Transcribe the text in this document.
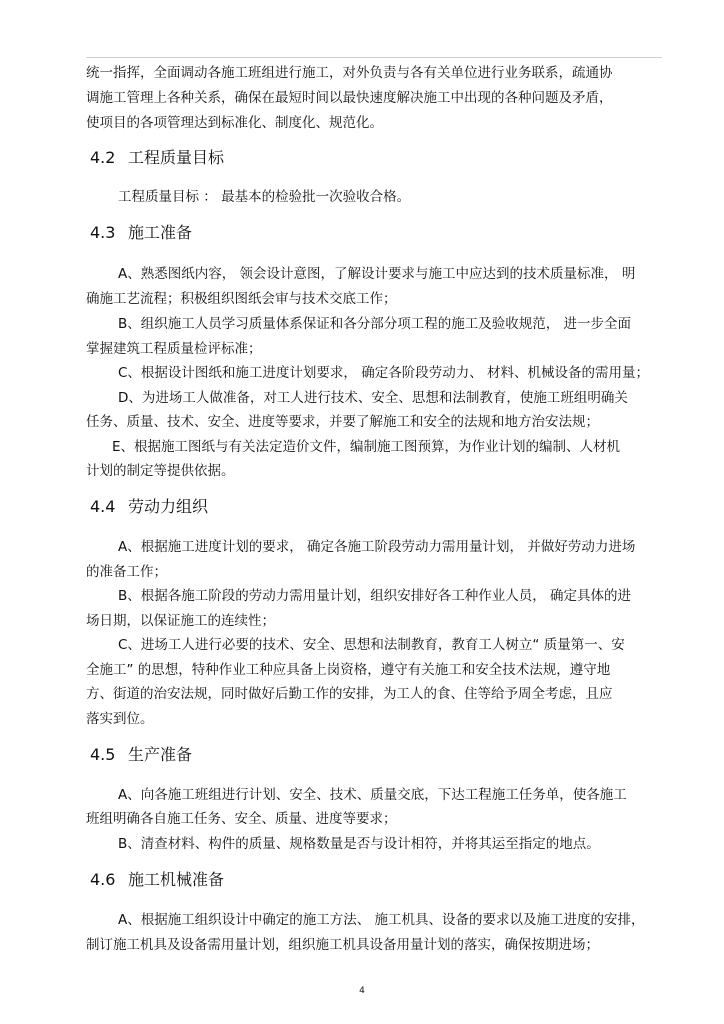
统一指挥，全面调动各施工班组进行施工，对外负责与各有关单位进行业务联系，疏通协
调施工管理上各种关系，确保在最短时间以最快速度解决施工中出现的各种问题及矛盾，
使项目的各项管理达到标准化、制度化、规范化。
4.2 工程质量目标
工程质量目标 ： 最基本的检验批一次验收合格。
4.3 施工准备
A、熟悉图纸内容， 领会设计意图，了解设计要求与施工中应达到的技术质量标准， 明
确施工艺流程；积极组织图纸会审与技术交底工作；
B、组织施工人员学习质量体系保证和各分部分项工程的施工及验收规范， 进一步全面
掌握建筑工程质量检评标准；
C、根据设计图纸和施工进度计划要求， 确定各阶段劳动力、 材料、机械设备的需用量；
D、为进场工人做准备，对工人进行技术、安全、思想和法制教育，使施工班组明确关
任务、质量、技术、安全、进度等要求，并要了解施工和安全的法规和地方治安法规；
E、根据施工图纸与有关法定造价文件，编制施工图预算，为作业计划的编制、人材机
计划的制定等提供依据。
4.4 劳动力组织
A、根据施工进度计划的要求， 确定各施工阶段劳动力需用量计划， 并做好劳动力进场
的准备工作；
B、根据各施工阶段的劳动力需用量计划，组织安排好各工种作业人员， 确定具体的进
场日期，以保证施工的连续性；
C、进场工人进行必要的技术、安全、思想和法制教育，教育工人树立“ 质量第一、安
全施工” 的思想，特种作业工种应具备上岗资格，遵守有关施工和安全技术法规，遵守地
方、街道的治安法规，同时做好后勤工作的安排，为工人的食、住等给予周全考虑，且应
落实到位。
4.5 生产准备
A、向各施工班组进行计划、安全、技术、质量交底，下达工程施工任务单，使各施工
班组明确各自施工任务、安全、质量、进度等要求；
B、清查材料、构件的质量、规格数量是否与设计相符，并将其运至指定的地点。
4.6 施工机械准备
A、根据施工组织设计中确定的施工方法、 施工机具、设备的要求以及施工进度的安排，
制订施工机具及设备需用量计划，组织施工机具设备用量计划的落实，确保按期进场；
4
